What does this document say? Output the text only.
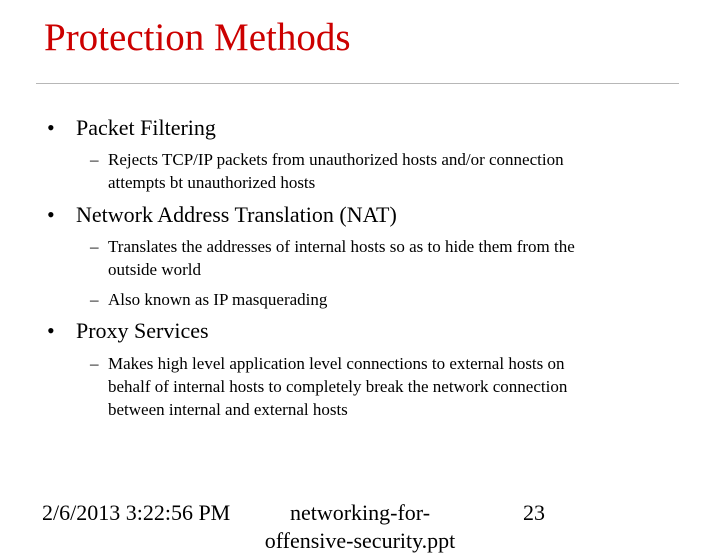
Protection Methods
• Packet Filtering
• Network Address Translation (NAT)
• Proxy Services
– Rejects TCP/IP packets from unauthorized hosts and/or connection
attempts bt unauthorized hosts

– Translates the addresses of internal hosts so as to hide them from the
outside world

– Also known as IP masquerading

– Makes high level application level connections to external hosts on
behalf of internal hosts to completely break the network connection
between internal and external hosts

2/6/2013 3:22:56 PM	networking-for-
offensive-security.ppt
23
